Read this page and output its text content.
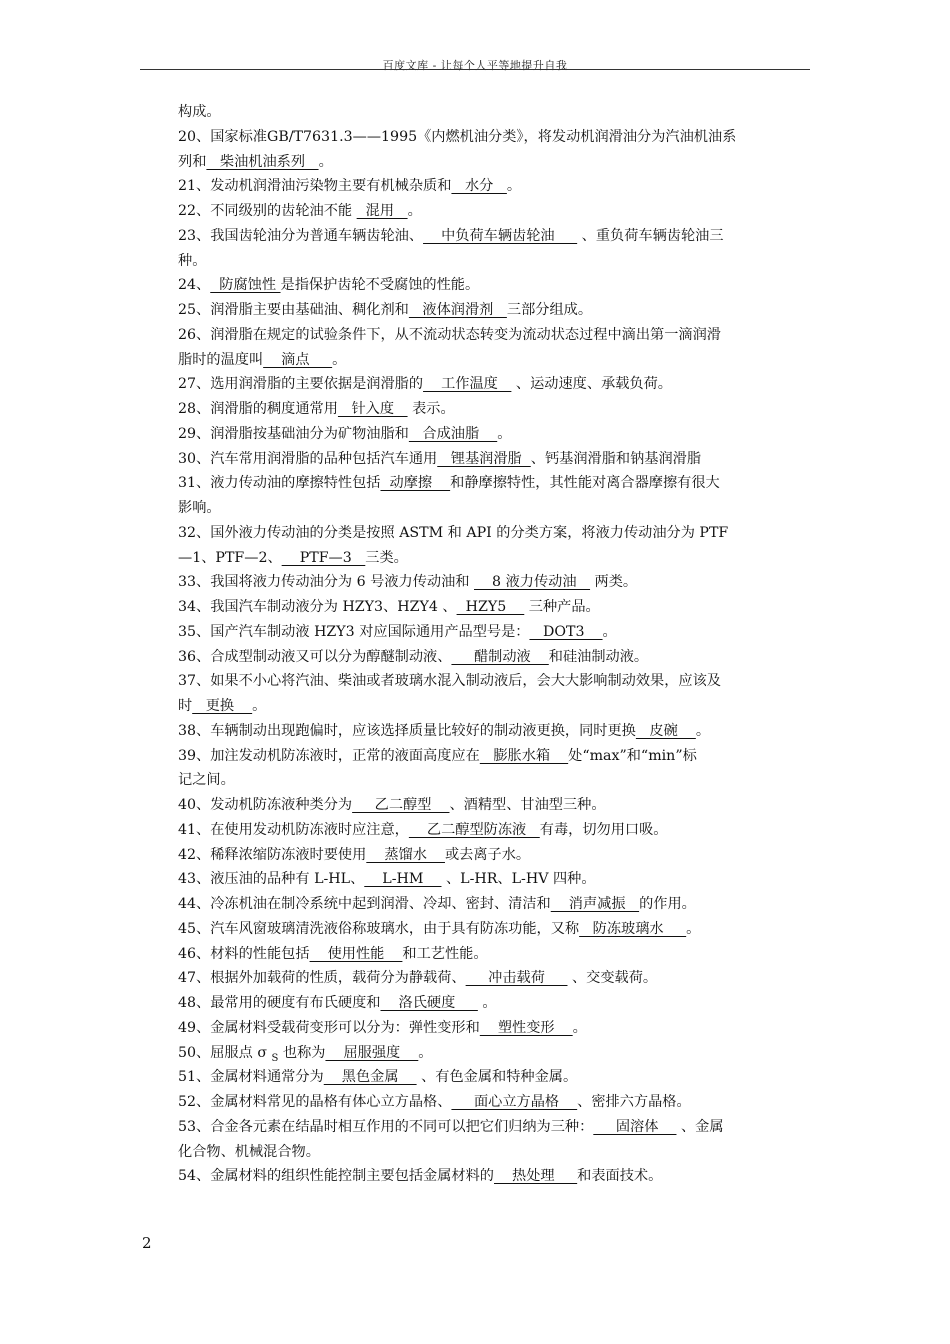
百度文库 - 让每个人平等地提升自我
构成。
20、国家标准GB/T7631.3——1995《内燃机油分类》，将发动机润滑油分为汽油机油系
列和   柴油机油系列   。
21、发动机润滑油污染物主要有机械杂质和   水分   。
22、不同级别的齿轮油不能   混用   。
23、我国齿轮油分为普通车辆齿轮油、    中负荷车辆齿轮油      、重负荷车辆齿轮油三
种。
24、  防腐蚀性 是指保护齿轮不受腐蚀的性能。
25、润滑脂主要由基础油、稠化剂和   液体润滑剂   三部分组成。
26、润滑脂在规定的试验条件下，从不流动状态转变为流动状态过程中滴出第一滴润滑
脂时的温度叫    滴点     。
27、选用润滑脂的主要依据是润滑脂的    工作温度    、运动速度、承载负荷。
28、润滑脂的稠度通常用   针入度    表示。
29、润滑脂按基础油分为矿物油脂和   合成油脂    。
30、汽车常用润滑脂的品种包括汽车通用   锂基润滑脂  、钙基润滑脂和钠基润滑脂
31、液力传动油的摩擦特性包括  动摩擦    和静摩擦特性，其性能对离合器摩擦有很大
影响。
32、国外液力传动油的分类是按照 ASTM 和 API 的分类方案，将液力传动油分为 PTF
—1、PTF—2、    PTF—3   三类。
33、我国将液力传动油分为 6 号液力传动油和     8 液力传动油    两类。
34、我国汽车制动液分为 HZY3、HZY4 、  HZY5     三种产品。
35、国产汽车制动液 HZY3 对应国际通用产品型号是：   DOT3    。
36、合成型制动液又可以分为醇醚制动液、     醋制动液    和硅油制动液。
37、如果不小心将汽油、柴油或者玻璃水混入制动液后，会大大影响制动效果，应该及
时   更换    。
38、车辆制动出现跑偏时，应该选择质量比较好的制动液更换，同时更换   皮碗    。
39、加注发动机防冻液时，正常的液面高度应在   膨胀水箱    处“max”和“min”标
记之间。
40、发动机防冻液种类分为     乙二醇型    、酒精型、甘油型三种。
41、在使用发动机防冻液时应注意，    乙二醇型防冻液   有毒，切勿用口吸。
42、稀释浓缩防冻液时要使用    蒸馏水    或去离子水。
43、液压油的品种有 L-HL、    L-HM     、L-HR、L-HV 四种。
44、冷冻机油在制冷系统中起到润滑、冷却、密封、清洁和    消声减振   的作用。
45、汽车风窗玻璃清洗液俗称玻璃水，由于具有防冻功能，又称   防冻玻璃水     。
46、材料的性能包括    使用性能    和工艺性能。
47、根据外加载荷的性质，载荷分为静载荷、     冲击载荷      、交变载荷。
48、最常用的硬度有布氏硬度和    洛氏硬度      。
49、金属材料受载荷变形可以分为：弹性变形和    塑性变形    。
50、屈服点 σ $_S$ 也称为    屈服强度    。
51、金属材料通常分为    黑色金属     、有色金属和特种金属。
52、金属材料常见的晶格有体心立方晶格、     面心立方晶格    、密排六方晶格。
53、合金各元素在结晶时相互作用的不同可以把它们归纳为三种：     固溶体     、金属
化合物、机械混合物。
54、金属材料的组织性能控制主要包括金属材料的    热处理     和表面技术。
2
